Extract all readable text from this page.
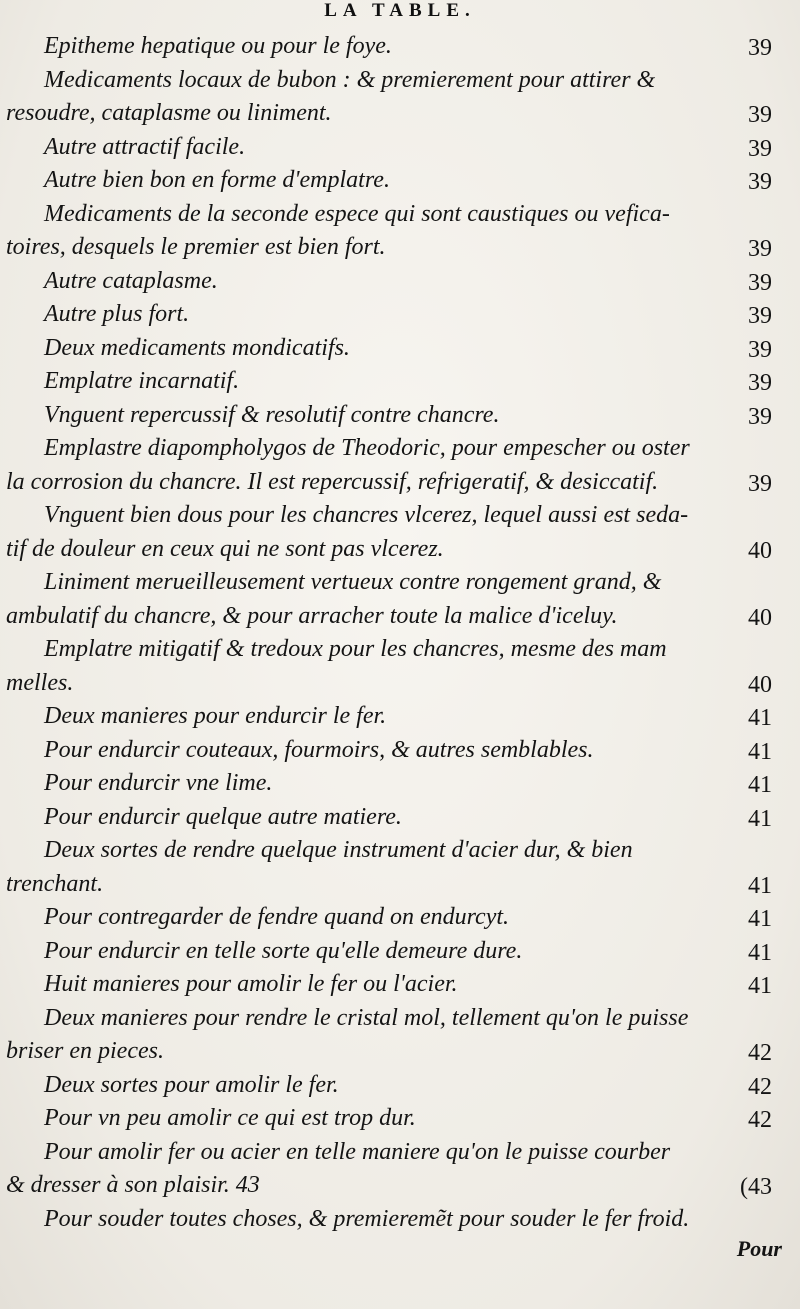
LA TABLE.
Epitheme hepatique ou pour le foye.	39
Medicaments locaux de bubon : & premierement pour attirer &
resoudre, cataplasme ou liniment.	39
Autre attractif facile.	39
Autre bien bon en forme d'emplatre.	39
Medicaments de la seconde espece qui sont caustiques ou vefica-
toires, desquels le premier est bien fort.	39
Autre cataplasme.	39
Autre plus fort.	39
Deux medicaments mondicatifs.	39
Emplatre incarnatif.	39
Vnguent repercussif & resolutif contre chancre.	39
Emplastre diapompholygos de Theodoric, pour empescher ou oster
la corrosion du chancre. Il est repercussif, refrigeratif, & desiccatif.	39
Vnguent bien dous pour les chancres vlcerez, lequel aussi est seda-
tif de douleur en ceux qui ne sont pas vlcerez.	40
Liniment merueilleusement vertueux contre rongement grand, &
ambulatif du chancre, & pour arracher toute la malice d'iceluy.	40
Emplatre mitigatif & tredoux pour les chancres, mesme des mam
melles.	40
Deux manieres pour endurcir le fer.	41
Pour endurcir couteaux, fourmoirs, & autres semblables.	41
Pour endurcir vne lime.	41
Pour endurcir quelque autre matiere.	41
Deux sortes de rendre quelque instrument d'acier dur, & bien
trenchant.	41
Pour contregarder de fendre quand on endurcyt.	41
Pour endurcir en telle sorte qu'elle demeure dure.	41
Huit manieres pour amolir le fer ou l'acier.	41
Deux manieres pour rendre le cristal mol, tellement qu'on le puisse
briser en pieces.	42
Deux sortes pour amolir le fer.	42
Pour vn peu amolir ce qui est trop dur.	42
Pour amolir fer ou acier en telle maniere qu'on le puisse courber
& dresser à son plaisir. 43	(43
Pour souder toutes choses, & premieremẽt pour souder le fer froid.
Pour
